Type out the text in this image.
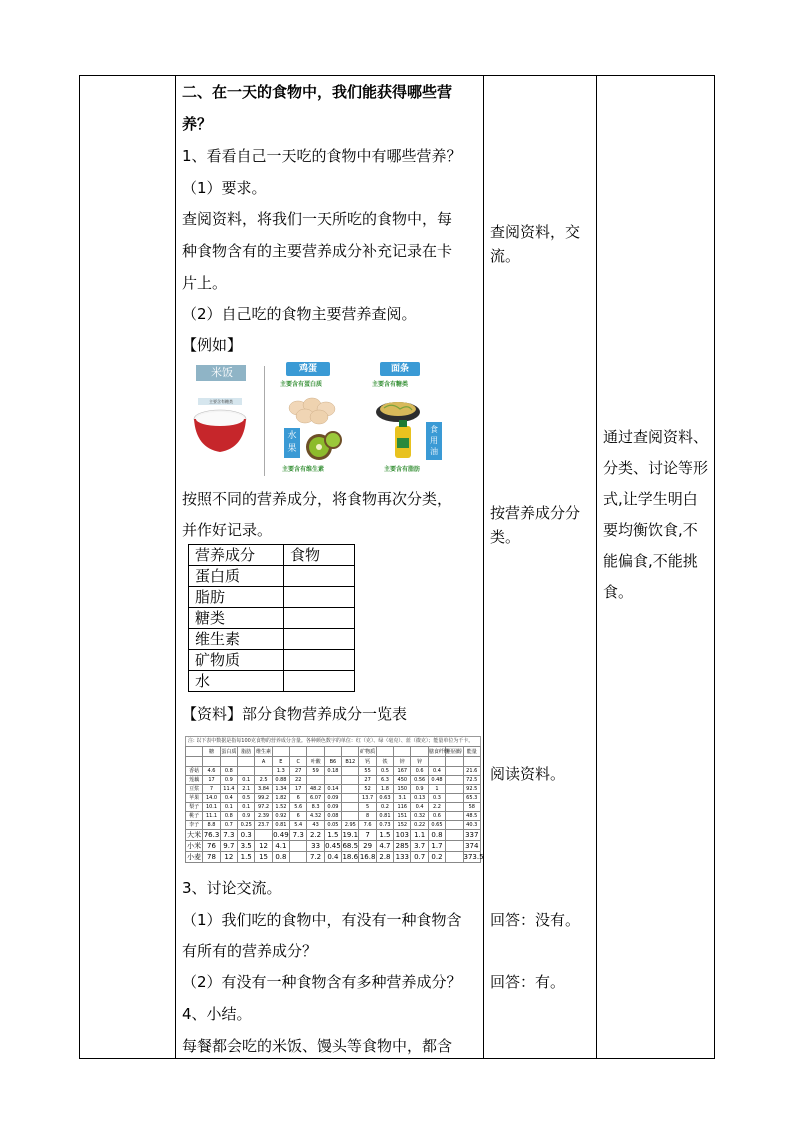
二、在一天的食物中，我们能获得哪些营
养？
1、看看自己一天吃的食物中有哪些营养？
（1）要求。
查阅资料，将我们一天所吃的食物中，每
种食物含有的主要营养成分补充记录在卡
片上。
（2）自己吃的食物主要营养查阅。
【例如】
米饭
主要含有糖类
鸡蛋
主要含有蛋白质
面条
主要含有糖类
水果
主要含有维生素
食用油
主要含有脂肪
按照不同的营养成分，将食物再次分类，
并作好记录。
营养成分	食物
蛋白质	
脂肪	
糖类	
维生素	
矿物质	
水	
【资料】部分食物营养成分一览表
注: 以下表中数据是指每100克食物的营养成分含量。各种颜色数字的单位：红（克）、绿（毫克）、蓝（微克）；能量单位为千卡。
	糖	蛋白质	脂肪	维生素						矿物质				膳食纤维	胆固醇	能量
				A	E	C	叶酸	B6	B12	钙	铁	锌	锌			
香菇	4.6	0.8			1.3	27	59	0.18		55	0.5	167	0.6	0.4		21.6
莲藕	17	0.9	0.1	2.5	0.88	22				27	6.3	450	0.56	0.48		72.5
豆浆	7	11.4	2.1	3.84	1.34	17	48.2	0.14		52	1.8	150	0.9	1		92.5
苹果	14.0	0.4	0.5	99.2	1.82	6	6.07	0.09		13.7	0.63	3.1	0.13	0.3		65.3
梨子	10.1	0.1	0.1	97.2	1.52	5.6	8.3	0.09		5	0.2	116	0.4	2.2		58
桃子	11.1	0.8	0.9	2.39	0.92	6	4.32	0.08		8	0.81	151	0.32	0.6		48.5
李子	8.8	0.7	0.25	23.7	0.81	5.4	43	0.05	2.95	7.6	0.73	152	0.22	0.65		40.3
大米	76.3	7.3	0.3		0.49	7.3	2.2	1.5	19.1	7	1.5	103	1.1	0.8		337
小米	76	9.7	3.5	12	4.1		33	0.45	68.5	29	4.7	285	3.7	1.7		374
小麦	78	12	1.5	15	0.8		7.2	0.4	18.6	16.8	2.8	133	0.7	0.2		373.5
3、讨论交流。
（1）我们吃的食物中，有没有一种食物含
有所有的营养成分？
（2）有没有一种食物含有多种营养成分？
4、小结。
每餐都会吃的米饭、馒头等食物中，都含
查阅资料，交
流。
按营养成分分
类。
阅读资料。
回答：没有。
回答：有。
通过查阅资料、
分类、讨论等形
式,让学生明白
要均衡饮食,不
能偏食,不能挑
食。
